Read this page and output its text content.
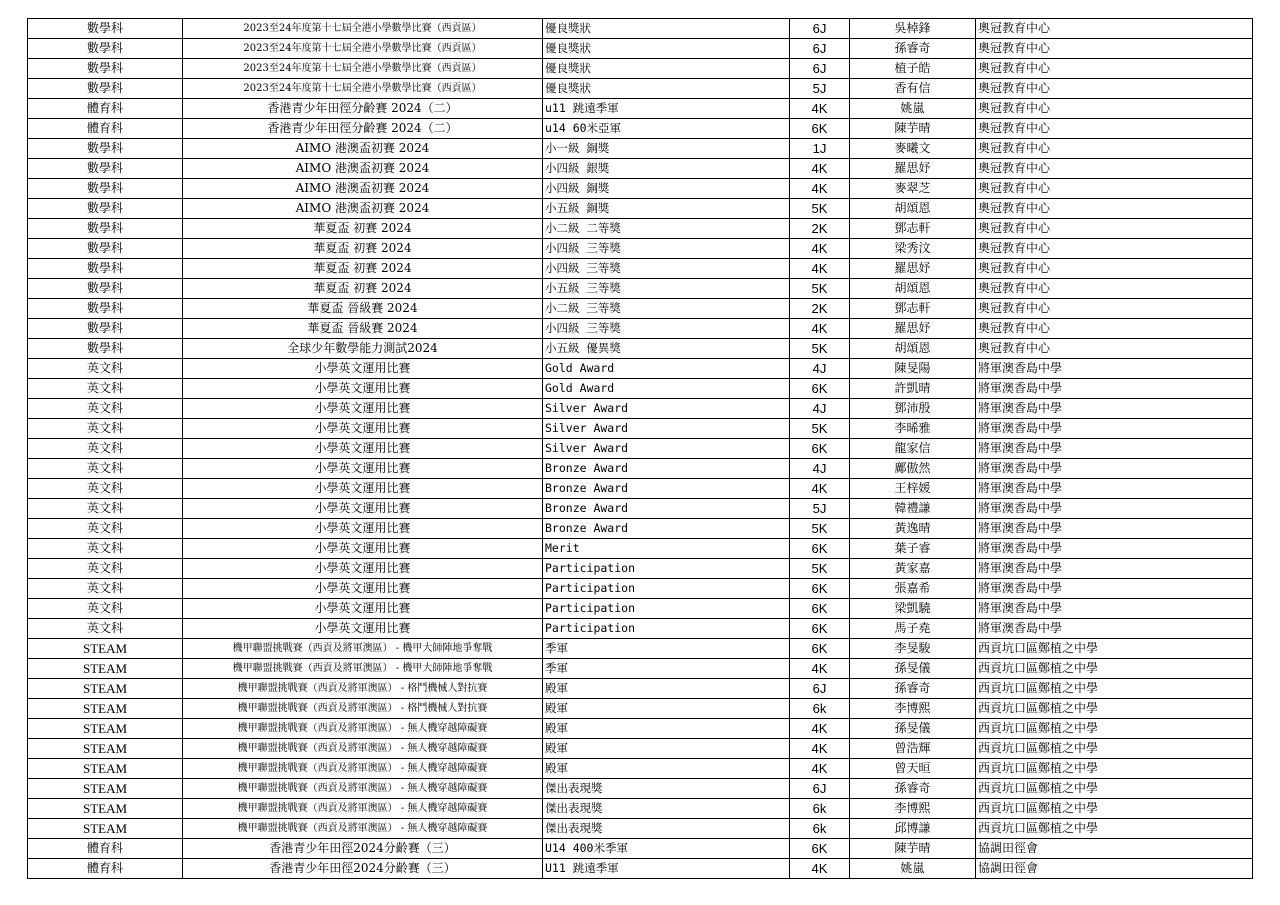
數學科	2023至24年度第十七屆全港小學數學比賽（西貢區）	優良獎狀	6J	吳棹鋒	奧冠教育中心
數學科	2023至24年度第十七屆全港小學數學比賽（西貢區）	優良獎狀	6J	孫睿奇	奧冠教育中心
數學科	2023至24年度第十七屆全港小學數學比賽（西貢區）	優良獎狀	6J	植子皓	奧冠教育中心
數學科	2023至24年度第十七屆全港小學數學比賽（西貢區）	優良獎狀	5J	香有信	奧冠教育中心
體育科	香港青少年田徑分齡賽 2024（二）	u11 跳遠季軍	4K	姚嵐	奧冠教育中心
體育科	香港青少年田徑分齡賽 2024（二）	u14 60米亞軍	6K	陳芋晴	奧冠教育中心
數學科	AIMO 港澳盃初賽 2024	小一級 銅獎	1J	麥曦文	奧冠教育中心
數學科	AIMO 港澳盃初賽 2024	小四級 銀獎	4K	羅思妤	奧冠教育中心
數學科	AIMO 港澳盃初賽 2024	小四級 銅獎	4K	麥翠芝	奧冠教育中心
數學科	AIMO 港澳盃初賽 2024	小五級 銅獎	5K	胡頌恩	奧冠教育中心
數學科	華夏盃 初賽 2024	小二級 二等獎	2K	鄧志軒	奧冠教育中心
數學科	華夏盃 初賽 2024	小四級 三等獎	4K	梁秀汶	奧冠教育中心
數學科	華夏盃 初賽 2024	小四級 三等獎	4K	羅思妤	奧冠教育中心
數學科	華夏盃 初賽 2024	小五級 三等獎	5K	胡頌恩	奧冠教育中心
數學科	華夏盃 晉級賽 2024	小二級 三等獎	2K	鄧志軒	奧冠教育中心
數學科	華夏盃 晉級賽 2024	小四級 三等獎	4K	羅思妤	奧冠教育中心
數學科	全球少年數學能力測試2024	小五級 優異獎	5K	胡頌恩	奧冠教育中心
英文科	小學英文運用比賽	Gold Award	4J	陳旻陽	將軍澳香島中學
英文科	小學英文運用比賽	Gold Award	6K	許凱晴	將軍澳香島中學
英文科	小學英文運用比賽	Silver Award	4J	鄧沛殷	將軍澳香島中學
英文科	小學英文運用比賽	Silver Award	5K	李晞雅	將軍澳香島中學
英文科	小學英文運用比賽	Silver Award	6K	龍家信	將軍澳香島中學
英文科	小學英文運用比賽	Bronze Award	4J	鄺傲然	將軍澳香島中學
英文科	小學英文運用比賽	Bronze Award	4K	王梓媛	將軍澳香島中學
英文科	小學英文運用比賽	Bronze Award	5J	韓禮謙	將軍澳香島中學
英文科	小學英文運用比賽	Bronze Award	5K	黃逸晴	將軍澳香島中學
英文科	小學英文運用比賽	Merit	6K	葉子睿	將軍澳香島中學
英文科	小學英文運用比賽	Participation	5K	黃家嘉	將軍澳香島中學
英文科	小學英文運用比賽	Participation	6K	張嘉希	將軍澳香島中學
英文科	小學英文運用比賽	Participation	6K	梁凱驍	將軍澳香島中學
英文科	小學英文運用比賽	Participation	6K	馬子堯	將軍澳香島中學
STEAM	機甲聯盟挑戰賽（西貢及將軍澳區） - 機甲大師陣地爭奪戰	季軍	6K	李旻駿	西貢坑口區鄭植之中學
STEAM	機甲聯盟挑戰賽（西貢及將軍澳區） - 機甲大師陣地爭奪戰	季軍	4K	孫旻儀	西貢坑口區鄭植之中學
STEAM	機甲聯盟挑戰賽（西貢及將軍澳區） - 格鬥機械人對抗賽	殿軍	6J	孫睿奇	西貢坑口區鄭植之中學
STEAM	機甲聯盟挑戰賽（西貢及將軍澳區） - 格鬥機械人對抗賽	殿軍	6k	李博熙	西貢坑口區鄭植之中學
STEAM	機甲聯盟挑戰賽（西貢及將軍澳區） - 無人機穿越障礙賽	殿軍	4K	孫旻儀	西貢坑口區鄭植之中學
STEAM	機甲聯盟挑戰賽（西貢及將軍澳區） - 無人機穿越障礙賽	殿軍	4K	曾浩輝	西貢坑口區鄭植之中學
STEAM	機甲聯盟挑戰賽（西貢及將軍澳區） - 無人機穿越障礙賽	殿軍	4K	曾天晅	西貢坑口區鄭植之中學
STEAM	機甲聯盟挑戰賽（西貢及將軍澳區） - 無人機穿越障礙賽	傑出表現獎	6J	孫睿奇	西貢坑口區鄭植之中學
STEAM	機甲聯盟挑戰賽（西貢及將軍澳區） - 無人機穿越障礙賽	傑出表現獎	6k	李博熙	西貢坑口區鄭植之中學
STEAM	機甲聯盟挑戰賽（西貢及將軍澳區） - 無人機穿越障礙賽	傑出表現獎	6k	邱博謙	西貢坑口區鄭植之中學
體育科	香港青少年田徑2024分齡賽（三）	U14 400米季軍	6K	陳芋晴	協調田徑會
體育科	香港青少年田徑2024分齡賽（三）	U11 跳遠季軍	4K	姚嵐	協調田徑會
